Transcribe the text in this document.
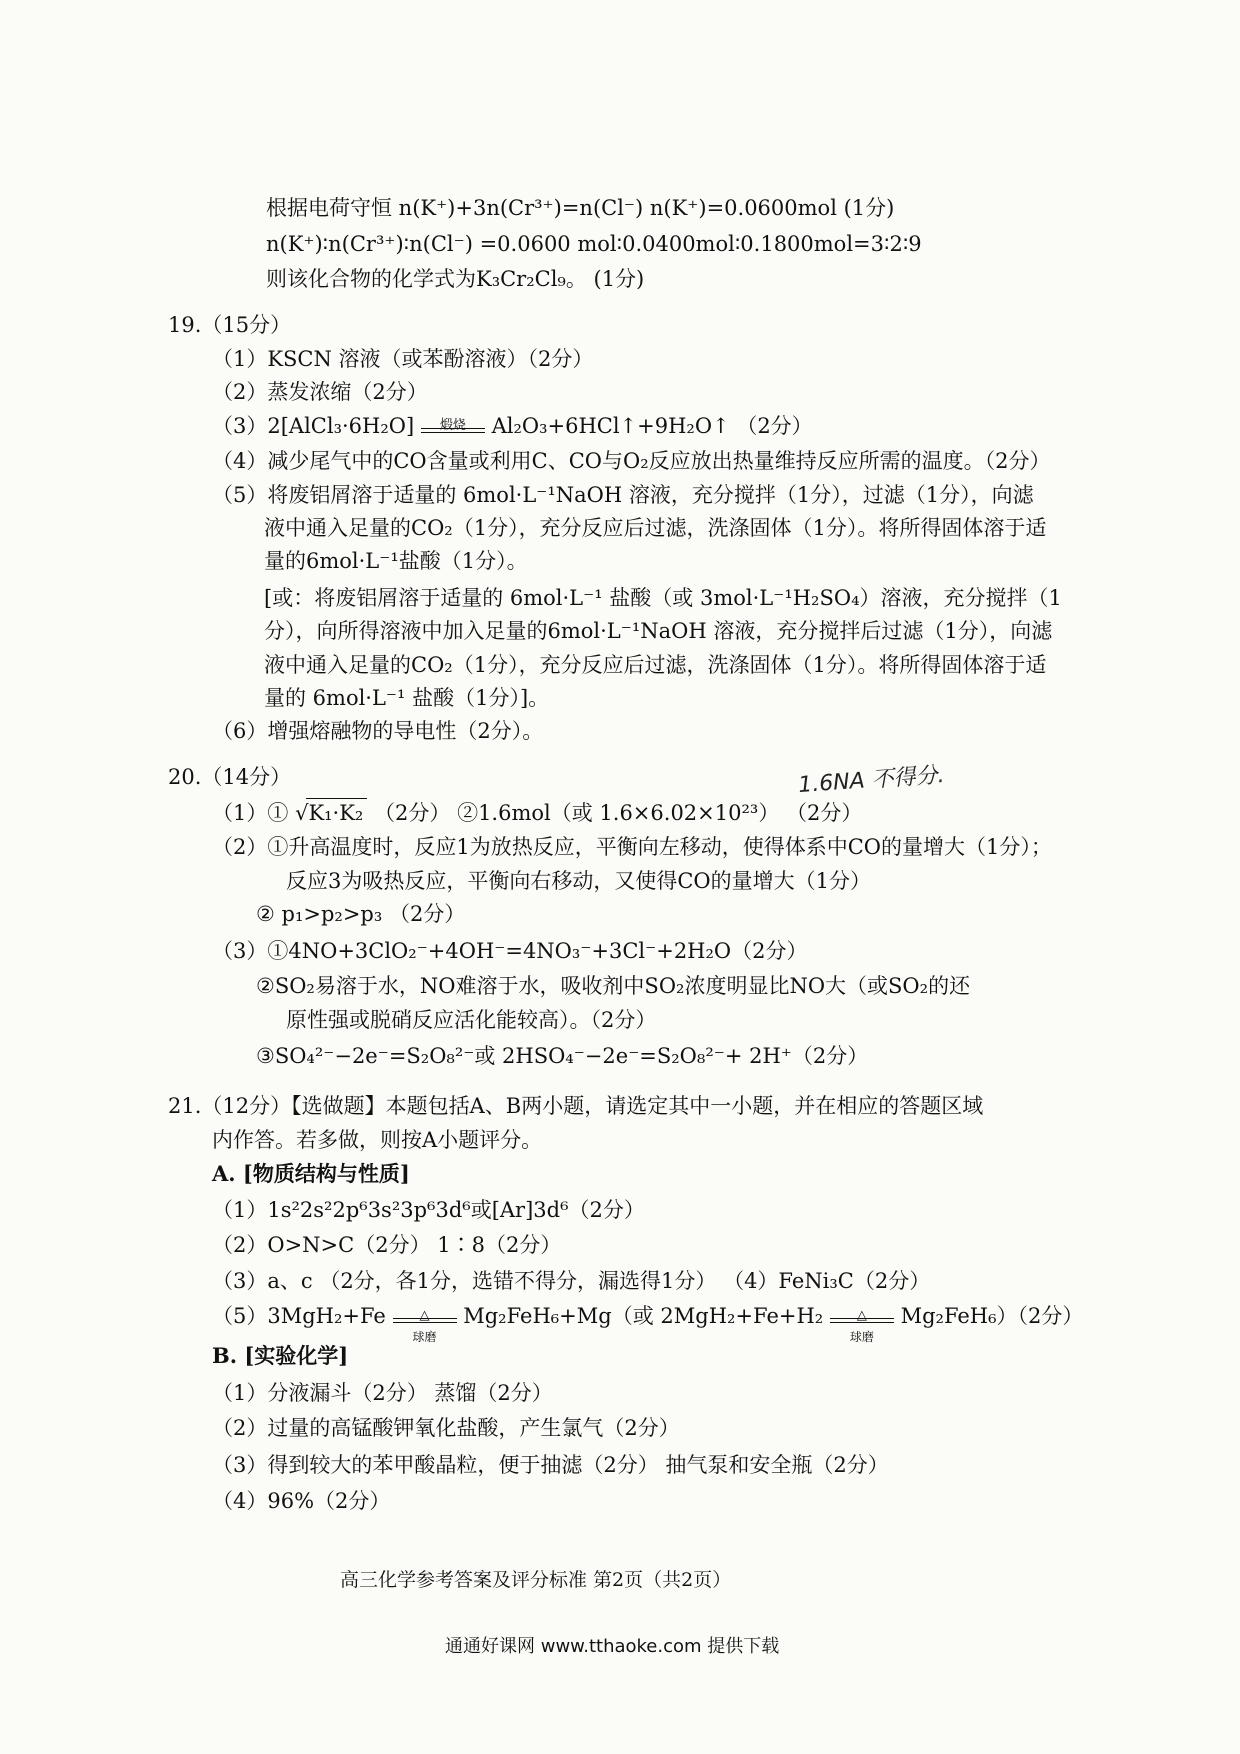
根据电荷守恒 n(K⁺)+3n(Cr³⁺)=n(Cl⁻) n(K⁺)=0.0600mol (1分)
n(K⁺)∶n(Cr³⁺)∶n(Cl⁻) =0.0600 mol∶0.0400mol∶0.1800mol=3∶2∶9
则该化合物的化学式为K₃Cr₂Cl₉。 (1分)
19.（15分）
（1）KSCN 溶液（或苯酚溶液）（2分）
（2）蒸发浓缩（2分）
（3）2[AlCl₃·6H₂O]	煅烧	Al₂O₃+6HCl↑+9H₂O↑ （2分）
（4）减少尾气中的CO含量或利用C、CO与O₂反应放出热量维持反应所需的温度。（2分）
（5）将废铝屑溶于适量的 6mol·L⁻¹NaOH 溶液，充分搅拌（1分），过滤（1分），向滤
液中通入足量的CO₂（1分），充分反应后过滤，洗涤固体（1分）。将所得固体溶于适
量的6mol·L⁻¹盐酸（1分）。
[或：将废铝屑溶于适量的 6mol·L⁻¹ 盐酸（或 3mol·L⁻¹H₂SO₄）溶液，充分搅拌（1
分），向所得溶液中加入足量的6mol·L⁻¹NaOH 溶液，充分搅拌后过滤（1分），向滤
液中通入足量的CO₂（1分），充分反应后过滤，洗涤固体（1分）。将所得固体溶于适
量的 6mol·L⁻¹ 盐酸（1分）]。
（6）增强熔融物的导电性（2分）。
20.（14分）	1.6NA 不得分.
（1）① √K₁·K₂ （2分） ②1.6mol（或 1.6×6.02×10²³） （2分）
（2）①升高温度时，反应1为放热反应，平衡向左移动，使得体系中CO的量增大（1分）；
反应3为吸热反应，平衡向右移动，又使得CO的量增大（1分）
② p₁>p₂>p₃ （2分）
（3）①4NO+3ClO₂⁻+4OH⁻=4NO₃⁻+3Cl⁻+2H₂O（2分）
②SO₂易溶于水，NO难溶于水，吸收剂中SO₂浓度明显比NO大（或SO₂的还
原性强或脱硝反应活化能较高）。（2分）
③SO₄²⁻−2e⁻=S₂O₈²⁻或 2HSO₄⁻−2e⁻=S₂O₈²⁻+ 2H⁺（2分）
21.（12分）【选做题】本题包括A、B两小题，请选定其中一小题，并在相应的答题区域
内作答。若多做，则按A小题评分。
A. [物质结构与性质]
（1）1s²2s²2p⁶3s²3p⁶3d⁶或[Ar]3d⁶（2分）
（2）O>N>C（2分） 1∶8（2分）
（3）a、c （2分，各1分，选错不得分，漏选得1分） （4）FeNi₃C（2分）
$(5)3MgH_2+Fe \frac{\triangle}{\text{球磨}} Mg_2FeH_6+Mg$（或 $2MgH_2+Fe+H_2 \frac{\triangle}{\text{球磨}} Mg_2FeH_6)(2$分）
B. [实验化学]
（1）分液漏斗（2分） 蒸馏（2分）
（2）过量的高锰酸钾氧化盐酸，产生氯气（2分）
（3）得到较大的苯甲酸晶粒，便于抽滤（2分） 抽气泵和安全瓶（2分）
（4）96%（2分）
高三化学参考答案及评分标准 第2页（共2页）
通通好课网 www.tthaoke.com 提供下载
